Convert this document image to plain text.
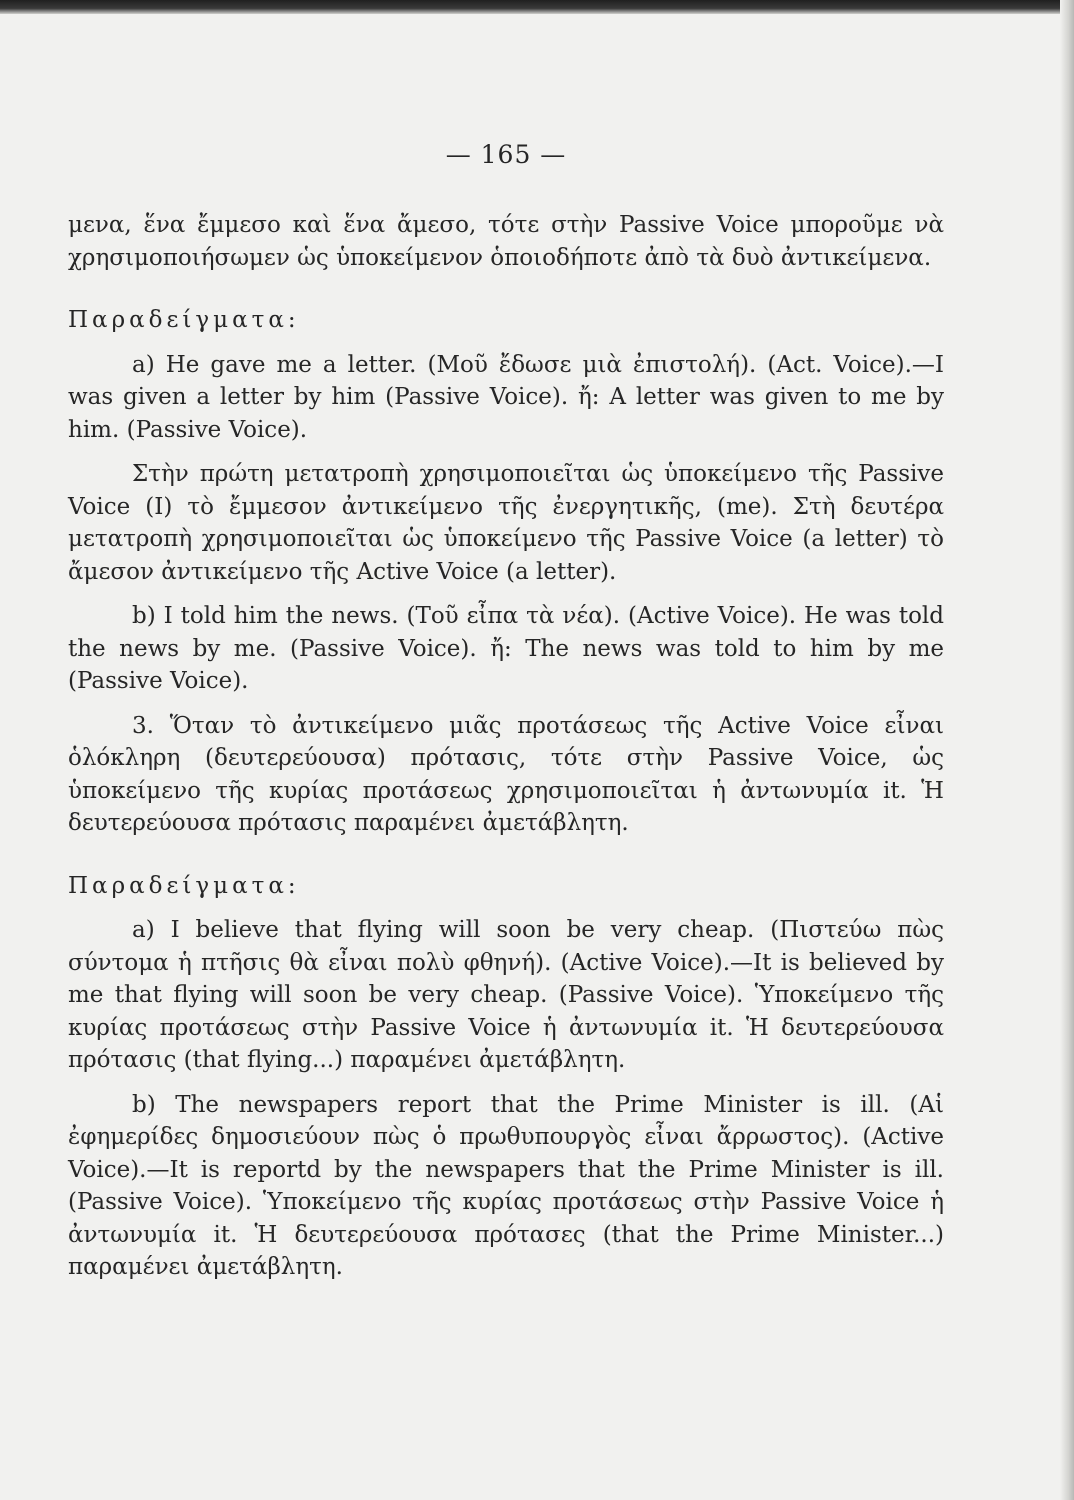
— 165 —

μενα, ἕνα ἔμμεσο καὶ ἕνα ἄμεσο, τότε στὴν Passive Voice μποροῦμε νὰ χρησιμοποιήσωμεν ὡς ὑποκείμενον ὁποιοδήποτε ἀπὸ τὰ δυὸ ἀντικείμενα.

Παραδείγματα:

a) He gave me a letter. (Μοῦ ἔδωσε μιὰ ἐπιστολή). (Act. Voice).—I was given a letter by him (Passive Voice). ἤ: A letter was given to me by him. (Passive Voice).

Στὴν πρώτη μετατροπὴ χρησιμοποιεῖται ὡς ὑποκείμενο τῆς Passive Voice (I) τὸ ἔμμεσον ἀντικείμενο τῆς ἐνεργητικῆς, (me). Στὴ δευτέρα μετατροπὴ χρησιμοποιεῖται ὡς ὑποκείμενο τῆς Passive Voice (a letter) τὸ ἄμεσον ἀντικείμενο τῆς Active Voice (a letter).

b) I told him the news. (Τοῦ εἶπα τὰ νέα). (Active Voice). He was told the news by me. (Passive Voice). ἤ: The news was told to him by me (Passive Voice).

3. Ὅταν τὸ ἀντικείμενο μιᾶς προτάσεως τῆς Active Voice εἶναι ὁλόκληρη (δευτερεύουσα) πρότασις, τότε στὴν Passive Voice, ὡς ὑποκείμενο τῆς κυρίας προτάσεως χρησιμοποιεῖται ἡ ἀντωνυμία it. Ἡ δευτερεύουσα πρότασις παραμένει ἀμετάβλητη.

Παραδείγματα:

a) I believe that flying will soon be very cheap. (Πιστεύω πὼς σύντομα ἡ πτῆσις θὰ εἶναι πολὺ φθηνή). (Active Voice).—It is believed by me that flying will soon be very cheap. (Passive Voice). Ὑποκείμενο τῆς κυρίας προτάσεως στὴν Passive Voice ἡ ἀντωνυμία it. Ἡ δευτερεύουσα πρότασις (that flying...) παραμένει ἀμετάβλητη.

b) The newspapers report that the Prime Minister is ill. (Αἱ ἐφημερίδες δημοσιεύουν πὼς ὁ πρωθυπουργὸς εἶναι ἄρρωστος). (Active Voice).—It is reportd by the newspapers that the Prime Minister is ill. (Passive Voice). Ὑποκείμενο τῆς κυρίας προτάσεως στὴν Passive Voice ἡ ἀντωνυμία it. Ἡ δευτερεύουσα πρότασες (that the Prime Minister...) παραμένει ἀμετάβλητη.
